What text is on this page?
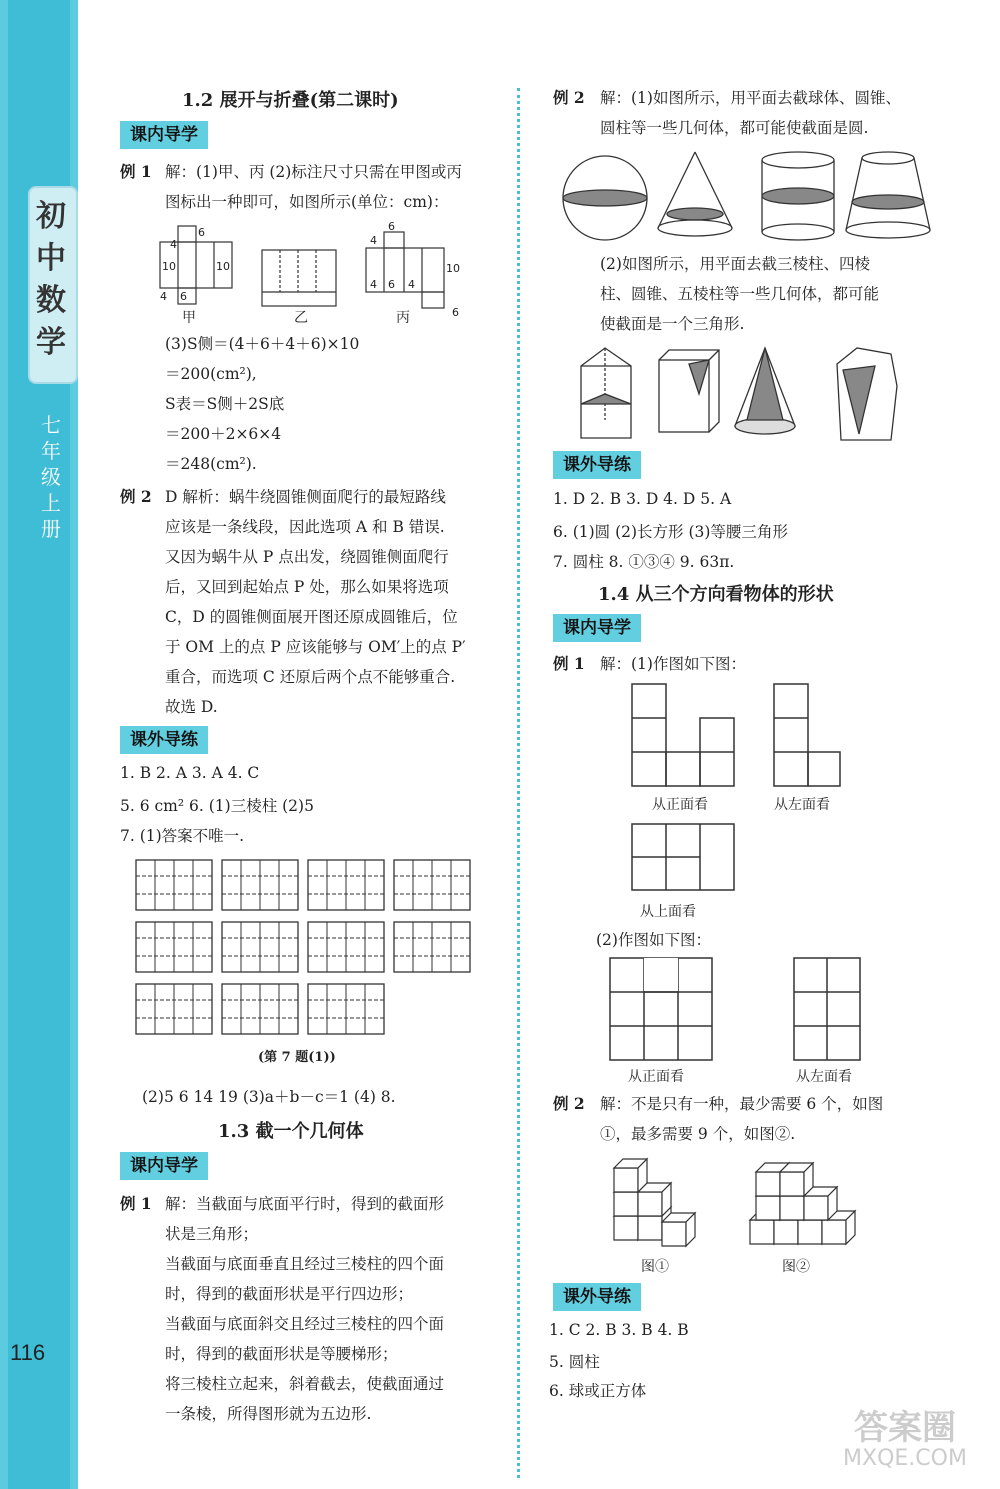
初中数学
七年级 上册
116
1.2 展开与折叠(第二课时)
课内导学
例 1 解：(1)甲、丙 (2)标注尺寸只需在甲图或丙
图标出一种即可，如图所示(单位：cm)：
6
4
10	10
4 6
6
4
10
4 6 4
6
甲	乙	丙
(3)S侧＝(4＋6＋4＋6)×10
＝200(cm²),
S表＝S侧＋2S底
＝200＋2×6×4
＝248(cm²).
例 2 D 解析：蜗牛绕圆锥侧面爬行的最短路线
应该是一条线段，因此选项 A 和 B 错误.
又因为蜗牛从 P 点出发，绕圆锥侧面爬行
后，又回到起始点 P 处，那么如果将选项
C，D 的圆锥侧面展开图还原成圆锥后，位
于 OM 上的点 P 应该能够与 OM′上的点 P′
重合，而选项 C 还原后两个点不能够重合.
故选 D.
课外导练
1. B 2. A 3. A 4. C
5. 6 cm² 6. (1)三棱柱 (2)5
7. (1)答案不唯一.
(第 7 题(1))
(2)5 6 14 19 (3)a＋b－c＝1 (4) 8.
1.3 截一个几何体
课内导学
例 1 解：当截面与底面平行时，得到的截面形
状是三角形；
当截面与底面垂直且经过三棱柱的四个面
时，得到的截面形状是平行四边形；
当截面与底面斜交且经过三棱柱的四个面
时，得到的截面形状是等腰梯形；
将三棱柱立起来，斜着截去，使截面通过
一条棱，所得图形就为五边形.
例 2 解：(1)如图所示，用平面去截球体、圆锥、
圆柱等一些几何体，都可能使截面是圆.
(2)如图所示，用平面去截三棱柱、四棱
柱、圆锥、五棱柱等一些几何体，都可能
使截面是一个三角形.
课外导练
1. D 2. B 3. D 4. D 5. A
6. (1)圆 (2)长方形 (3)等腰三角形
7. 圆柱 8. ①③④ 9. 63π.
1.4 从三个方向看物体的形状
课内导学
例 1 解：(1)作图如下图：
从正面看	从左面看
从上面看
(2)作图如下图：
从正面看	从左面看
例 2 解：不是只有一种，最少需要 6 个，如图
①，最多需要 9 个，如图②.
图①	图②
课外导练
1. C 2. B 3. B 4. B
5. 圆柱
6. 球或正方体
答案圈
MXQE.COM
